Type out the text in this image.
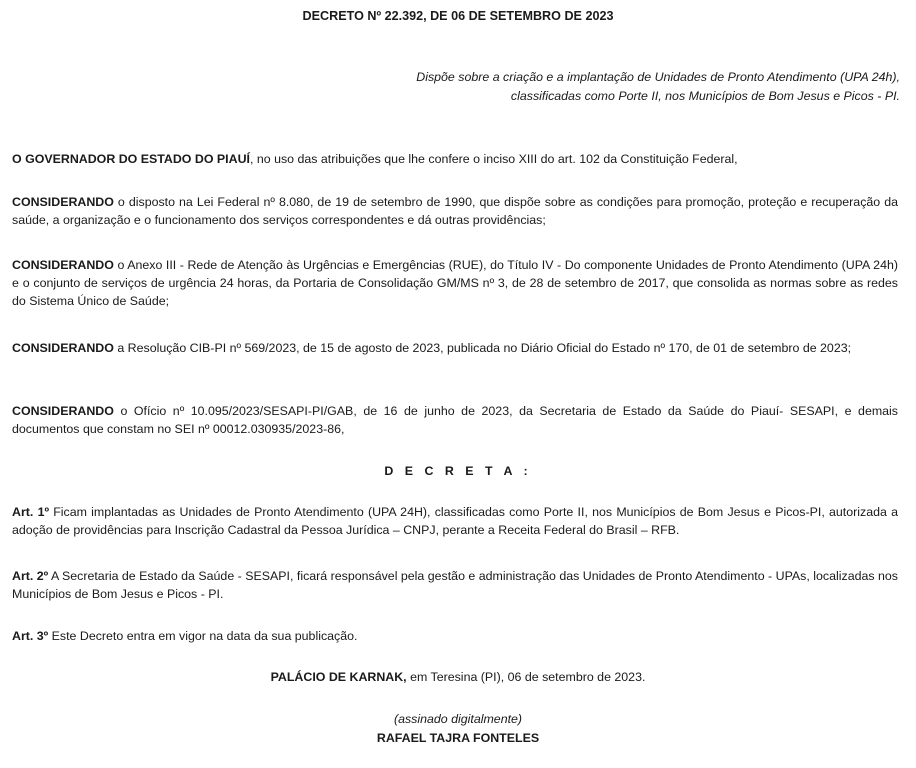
DECRETO Nº 22.392, DE 06 DE SETEMBRO DE 2023
Dispõe sobre a criação e a implantação de Unidades de Pronto Atendimento (UPA 24h),
classificadas como Porte II, nos Municípios de Bom Jesus e Picos - PI.
O GOVERNADOR DO ESTADO DO PIAUÍ, no uso das atribuições que lhe confere o inciso XIII do art. 102 da Constituição Federal,
CONSIDERANDO o disposto na Lei Federal nº 8.080, de 19 de setembro de 1990, que dispõe sobre as condições para promoção, proteção e recuperação da saúde, a organização e o funcionamento dos serviços correspondentes e dá outras providências;
CONSIDERANDO o Anexo III - Rede de Atenção às Urgências e Emergências (RUE), do Título IV - Do componente Unidades de Pronto Atendimento (UPA 24h) e o conjunto de serviços de urgência 24 horas, da Portaria de Consolidação GM/MS nº 3, de 28 de setembro de 2017, que consolida as normas sobre as redes do Sistema Único de Saúde;
CONSIDERANDO a Resolução CIB-PI nº 569/2023, de 15 de agosto de 2023, publicada no Diário Oficial do Estado nº 170, de 01 de setembro de 2023;
CONSIDERANDO o Ofício nº 10.095/2023/SESAPI-PI/GAB, de 16 de junho de 2023, da Secretaria de Estado da Saúde do Piauí- SESAPI, e demais documentos que constam no SEI nº 00012.030935/2023-86,
D E C R E T A :
Art. 1º Ficam implantadas as Unidades de Pronto Atendimento (UPA 24H), classificadas como Porte II, nos Municípios de Bom Jesus e Picos-PI, autorizada a adoção de providências para Inscrição Cadastral da Pessoa Jurídica – CNPJ, perante a Receita Federal do Brasil – RFB.
Art. 2º A Secretaria de Estado da Saúde - SESAPI, ficará responsável pela gestão e administração das Unidades de Pronto Atendimento - UPAs, localizadas nos Municípios de Bom Jesus e Picos - PI.
Art. 3º Este Decreto entra em vigor na data da sua publicação.
PALÁCIO DE KARNAK, em Teresina (PI), 06 de setembro de 2023.
(assinado digitalmente)
RAFAEL TAJRA FONTELES
